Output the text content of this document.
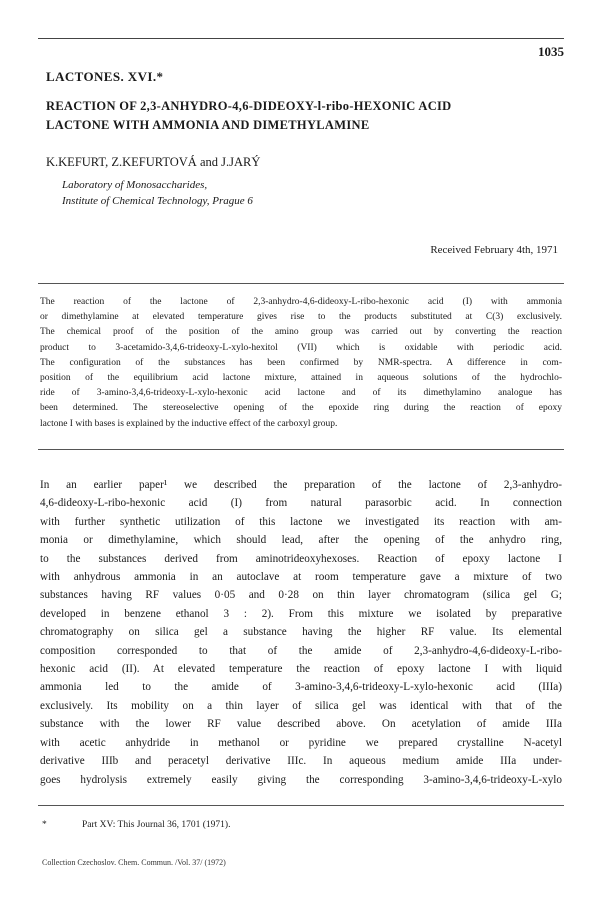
1035
LACTONES. XVI.*
REACTION OF 2,3-ANHYDRO-4,6-DIDEOXY-l-ribo-HEXONIC ACID
LACTONE WITH AMMONIA AND DIMETHYLAMINE
K.KEFURT, Z.KEFURTOVÁ and J.JARÝ
Laboratory of Monosaccharides,
Institute of Chemical Technology, Prague 6
Received February 4th, 1971
The reaction of the lactone of 2,3-anhydro-4,6-dideoxy-L-ribo-hexonic acid (I) with ammonia
or dimethylamine at elevated temperature gives rise to the products substituted at C(3) exclusively.
The chemical proof of the position of the amino group was carried out by converting the reaction
product to 3-acetamido-3,4,6-trideoxy-L-xylo-hexitol (VII) which is oxidable with periodic acid.
The configuration of the substances has been confirmed by NMR-spectra. A difference in com-
position of the equilibrium acid lactone mixture, attained in aqueous solutions of the hydrochlo-
ride of 3-amino-3,4,6-trideoxy-L-xylo-hexonic acid lactone and of its dimethylamino analogue has
been determined. The stereoselective opening of the epoxide ring during the reaction of epoxy
lactone I with bases is explained by the inductive effect of the carboxyl group.
In an earlier paper¹ we described the preparation of the lactone of 2,3-anhydro-
4,6-dideoxy-L-ribo-hexonic acid (I) from natural parasorbic acid. In connection
with further synthetic utilization of this lactone we investigated its reaction with am-
monia or dimethylamine, which should lead, after the opening of the anhydro ring,
to the substances derived from aminotrideoxyhexoses. Reaction of epoxy lactone I
with anhydrous ammonia in an autoclave at room temperature gave a mixture of two
substances having RF values 0·05 and 0·28 on thin layer chromatogram (silica gel G;
developed in benzene ethanol 3 : 2). From this mixture we isolated by preparative
chromatography on silica gel a substance having the higher RF value. Its elemental
composition corresponded to that of the amide of 2,3-anhydro-4,6-dideoxy-L-ribo-
hexonic acid (II). At elevated temperature the reaction of epoxy lactone I with liquid
ammonia led to the amide of 3-amino-3,4,6-trideoxy-L-xylo-hexonic acid (IIIa)
exclusively. Its mobility on a thin layer of silica gel was identical with that of the
substance with the lower RF value described above. On acetylation of amide IIIa
with acetic anhydride in methanol or pyridine we prepared crystalline N-acetyl
derivative IIIb and peracetyl derivative IIIc. In aqueous medium amide IIIa under-
goes hydrolysis extremely easily giving the corresponding 3-amino-3,4,6-trideoxy-L-xylo
*	Part XV: This Journal 36, 1701 (1971).
Collection Czechoslov. Chem. Commun. /Vol. 37/ (1972)
